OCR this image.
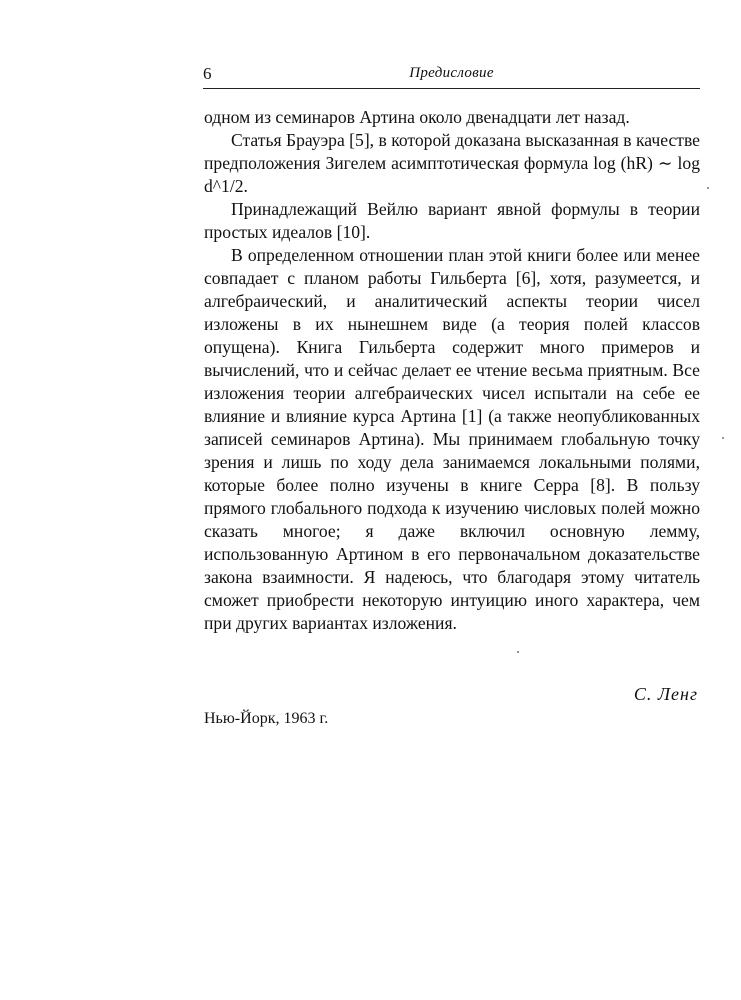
6	Предисловие

одном из семинаров Артина около двенадцати лет назад.

Статья Брауэра [5], в которой доказана высказанная в качестве предположения Зигелем асимптотическая формула log (hR) ∼ log d^1/2.

Принадлежащий Вейлю вариант явной формулы в теории простых идеалов [10].

В определенном отношении план этой книги более или менее совпадает с планом работы Гильберта [6], хотя, разумеется, и алгебраический, и аналитический аспекты теории чисел изложены в их нынешнем виде (а теория полей классов опущена). Книга Гильберта содержит много примеров и вычислений, что и сейчас делает ее чтение весьма приятным. Все изложения теории алгебраических чисел испытали на себе ее влияние и влияние курса Артина [1] (а также неопубликованных записей семинаров Артина). Мы принимаем глобальную точку зрения и лишь по ходу дела занимаемся локальными полями, которые более полно изучены в книге Серра [8]. В пользу прямого глобального подхода к изучению числовых полей можно сказать многое; я даже включил основную лемму, использованную Артином в его первоначальном доказательстве закона взаимности. Я надеюсь, что благодаря этому читатель сможет приобрести некоторую интуицию иного характера, чем при других вариантах изложения.

С. Ленг
Нью-Йорк, 1963 г.
